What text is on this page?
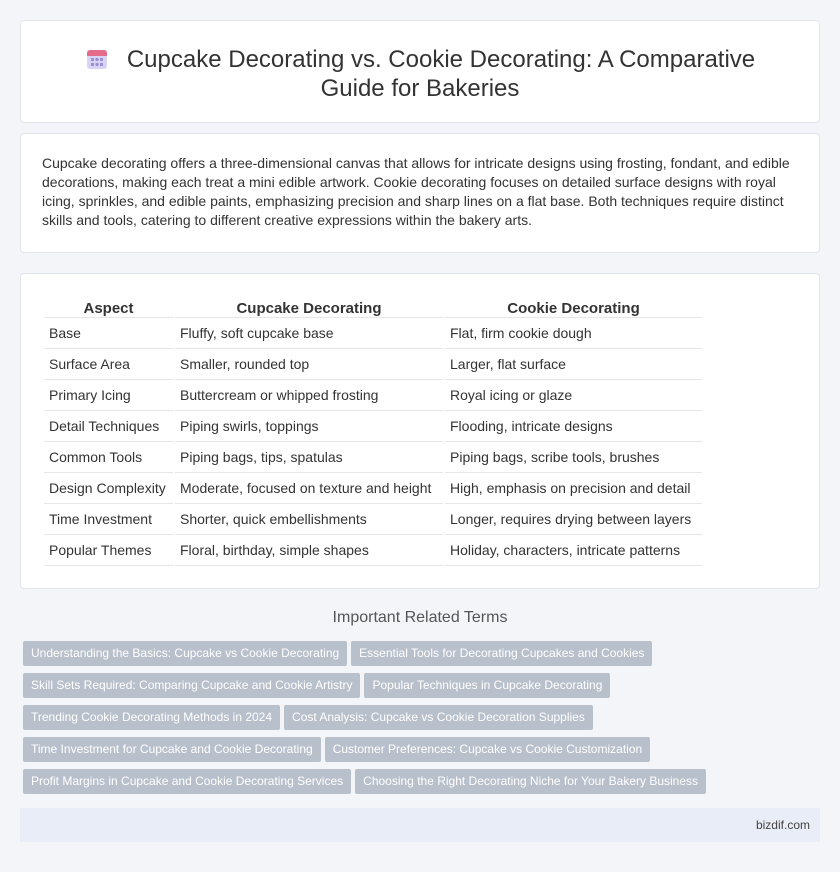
Cupcake Decorating vs. Cookie Decorating: A Comparative Guide for Bakeries

Cupcake decorating offers a three-dimensional canvas that allows for intricate designs using frosting, fondant, and edible decorations, making each treat a mini edible artwork. Cookie decorating focuses on detailed surface designs with royal icing, sprinkles, and edible paints, emphasizing precision and sharp lines on a flat base. Both techniques require distinct skills and tools, catering to different creative expressions within the bakery arts.

Aspect	Cupcake Decorating	Cookie Decorating
Base	Fluffy, soft cupcake base	Flat, firm cookie dough
Surface Area	Smaller, rounded top	Larger, flat surface
Primary Icing	Buttercream or whipped frosting	Royal icing or glaze
Detail Techniques	Piping swirls, toppings	Flooding, intricate designs
Common Tools	Piping bags, tips, spatulas	Piping bags, scribe tools, brushes
Design Complexity	Moderate, focused on texture and height	High, emphasis on precision and detail
Time Investment	Shorter, quick embellishments	Longer, requires drying between layers
Popular Themes	Floral, birthday, simple shapes	Holiday, characters, intricate patterns
Important Related Terms
Understanding the Basics: Cupcake vs Cookie Decorating Essential Tools for Decorating Cupcakes and Cookies
Skill Sets Required: Comparing Cupcake and Cookie Artistry Popular Techniques in Cupcake Decorating
Trending Cookie Decorating Methods in 2024 Cost Analysis: Cupcake vs Cookie Decoration Supplies
Time Investment for Cupcake and Cookie Decorating Customer Preferences: Cupcake vs Cookie Customization
Profit Margins in Cupcake and Cookie Decorating Services Choosing the Right Decorating Niche for Your Bakery Business
bizdif.com
